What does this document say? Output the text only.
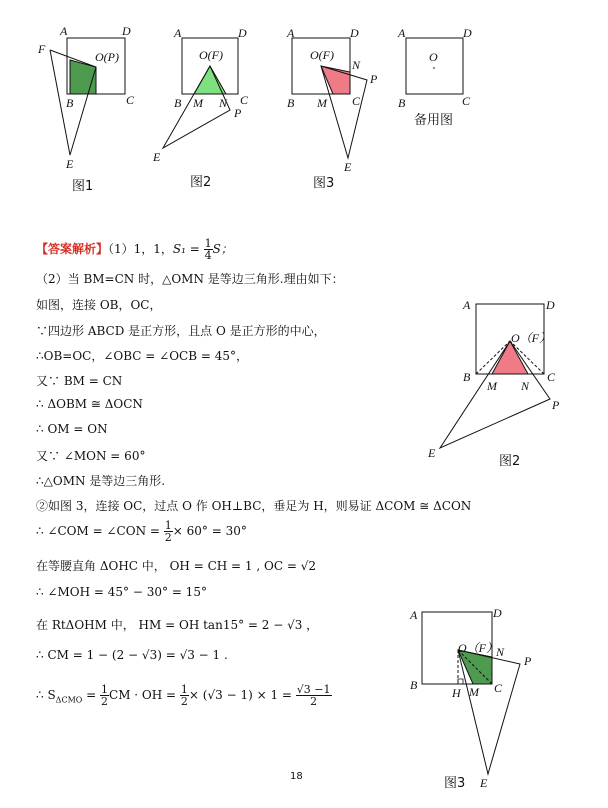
A	D
O(P)
F
B	C
E
图1
A	D
O(F)
B M N C
P
E
图2
A	D
O(F)
N
P
B M C
E
图3
A	D
O
B	C
备用图
【答案解析】（1）1，1，$S_1 = \frac{1}{4}$ S；
（2）当 BM=CN 时，△OMN 是等边三角形.理由如下：
如图，连接 OB，OC，
∵四边形 ABCD 是正方形，且点 O 是正方形的中心，
∴OB=OC，∠OBC = ∠OCB = 45°，
又∵ BM = CN
∴ ΔOBM ≅ ΔOCN
∴ OM = ON
又∵ ∠MON = 60°
∴△OMN 是等边三角形.
②如图 3，连接 OC，过点 O 作 OH⊥BC，垂足为 H，则易证 ΔCOM ≅ ΔCON
∴ ∠COM = ∠CON = $\frac{1}{2} \times 60^\circ = 30^\circ$
在等腰直角 ΔOHC 中， OH = CH = 1 , OC = √2
∴ ∠MOH = 45° − 30° = 15°
在 RtΔOHM 中， HM = OH tan15° = 2 − √3 ，
∴ CM = 1 − (2 − √3) = √3 − 1 .
∴ $S_{\Delta CMO} = \frac{1}{2}$ CM · OH = $\frac{1}{2} \times (√3 - 1) \times 1 = \frac{√3 -1}{2}$
A	D
O（F）
B
M N
C
P
E
图2
A	D
O（F）
N
P
B
H M C
E
图3
18
